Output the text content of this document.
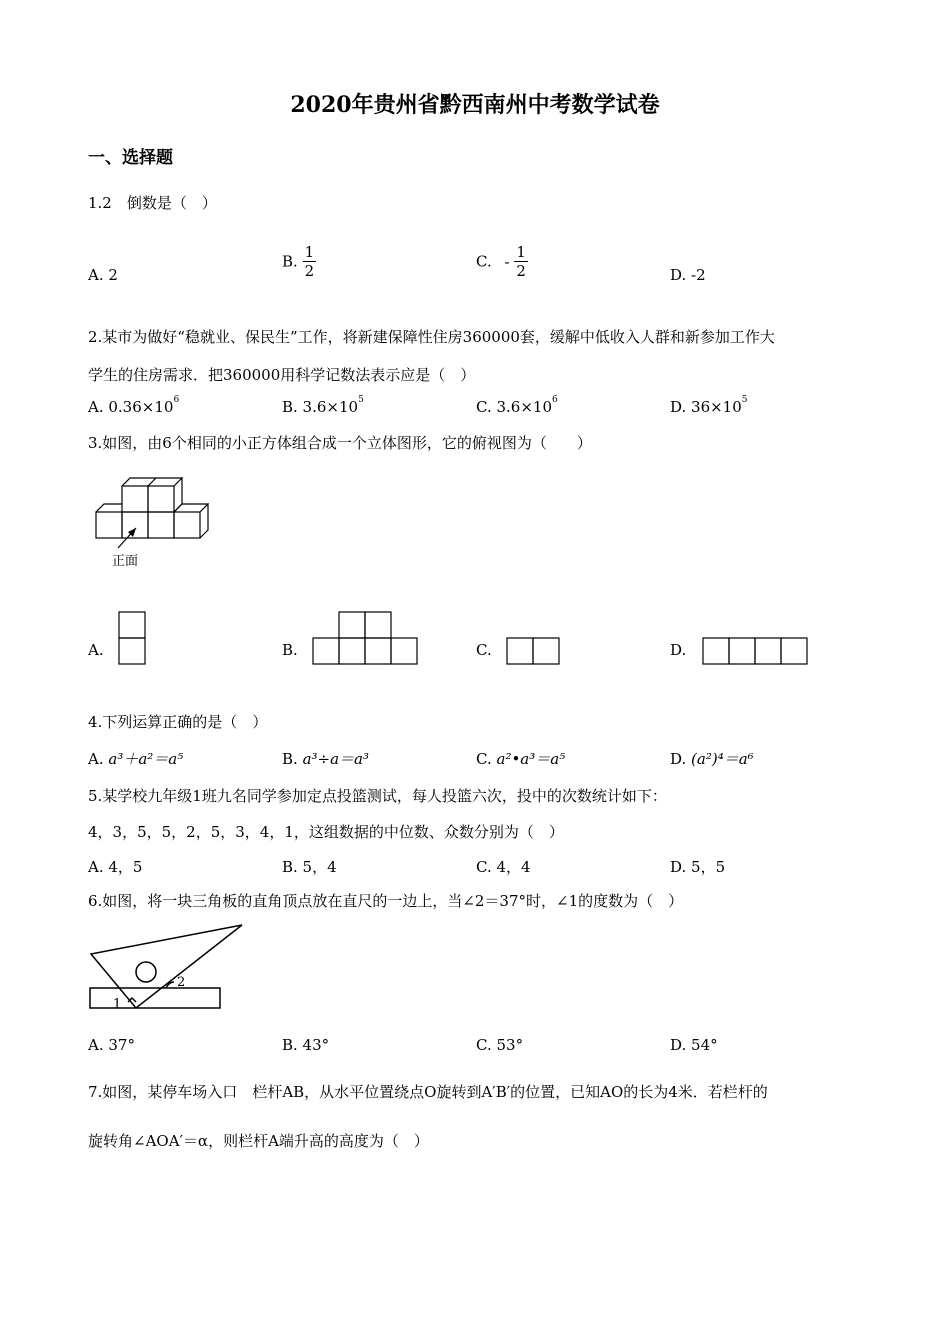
2020年贵州省黔西南州中考数学试卷
一、选择题
1.2　倒数是（　）
A. 2
B. $\frac{1}{2}$	C. - $\frac{1}{2}$	D. -2
2.某市为做好“稳就业、保民生”工作，将新建保障性住房360000套，缓解中低收入人群和新参加工作大
学生的住房需求．把360000用科学记数法表示应是（　）
A. $0.36\times 10^6$	B. $3.6\times 10^5$	C. $3.6\times 10^6$	D. $36\times 10^5$
3.如图，由6个相同的小正方体组合成一个立体图形，它的俯视图为（　　）
正面
A.	B.	C.	D.
4.下列运算正确的是（　）
A. a³＋a²＝a⁵	B. a³÷a＝a³	C. a²•a³＝a⁵	D. (a²)⁴＝a⁶
5.某学校九年级1班九名同学参加定点投篮测试，每人投篮六次，投中的次数统计如下：
4，3，5，5，2，5，3，4，1，这组数据的中位数、众数分别为（　）
A. 4，5	B. 5，4	C. 4，4	D. 5，5
6.如图，将一块三角板的直角顶点放在直尺的一边上，当∠2＝37°时，∠1的度数为（　）
1
2
A. 37°	B. 43°	C. 53°	D. 54°
7.如图，某停车场入口　栏杆AB，从水平位置绕点O旋转到A′B′的位置，已知AO的长为4米．若栏杆的
旋转角∠AOA′＝α，则栏杆A端升高的高度为（　）
